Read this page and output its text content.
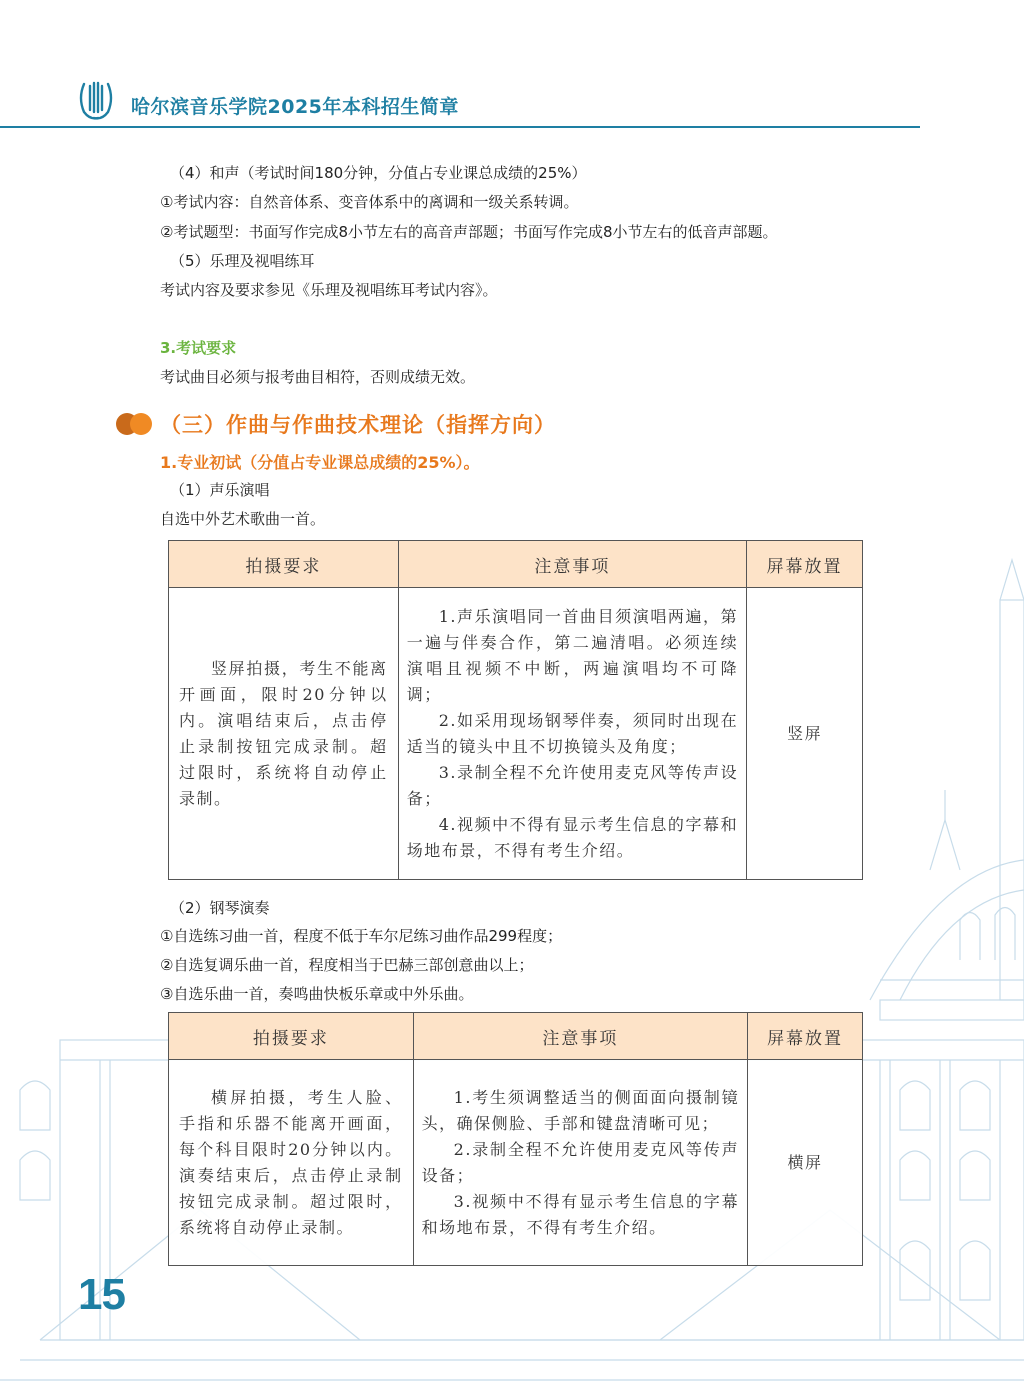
哈尔滨音乐学院2025年本科招生简章
（4）和声（考试时间180分钟，分值占专业课总成绩的25%）
①考试内容：自然音体系、变音体系中的离调和一级关系转调。
②考试题型：书面写作完成8小节左右的高音声部题；书面写作完成8小节左右的低音声部题。
（5）乐理及视唱练耳
考试内容及要求参见《乐理及视唱练耳考试内容》。
3.考试要求
考试曲目必须与报考曲目相符，否则成绩无效。
（三）作曲与作曲技术理论（指挥方向）
1.专业初试（分值占专业课总成绩的25%）。
（1）声乐演唱
自选中外艺术歌曲一首。
拍摄要求	注意事项	屏幕放置

竖屏拍摄，考生不能离开画面，限时20分钟以内。演唱结束后，点击停止录制按钮完成录制。超过限时，系统将自动停止录制。	1.声乐演唱同一首曲目须演唱两遍，第一遍与伴奏合作，第二遍清唱。必须连续演唱且视频不中断，两遍演唱均不可降调；

2.如采用现场钢琴伴奏，须同时出现在适当的镜头中且不切换镜头及角度；

3.录制全程不允许使用麦克风等传声设备；

4.视频中不得有显示考生信息的字幕和场地布景，不得有考生介绍。	竖屏
（2）钢琴演奏
①自选练习曲一首，程度不低于车尔尼练习曲作品299程度；
②自选复调乐曲一首，程度相当于巴赫三部创意曲以上；
③自选乐曲一首，奏鸣曲快板乐章或中外乐曲。
拍摄要求	注意事项	屏幕放置

横屏拍摄，考生人脸、手指和乐器不能离开画面，每个科目限时20分钟以内。演奏结束后，点击停止录制按钮完成录制。超过限时，系统将自动停止录制。	1.考生须调整适当的侧面面向摄制镜头，确保侧脸、手部和键盘清晰可见；

2.录制全程不允许使用麦克风等传声设备；

3.视频中不得有显示考生信息的字幕和场地布景，不得有考生介绍。	横屏
15
